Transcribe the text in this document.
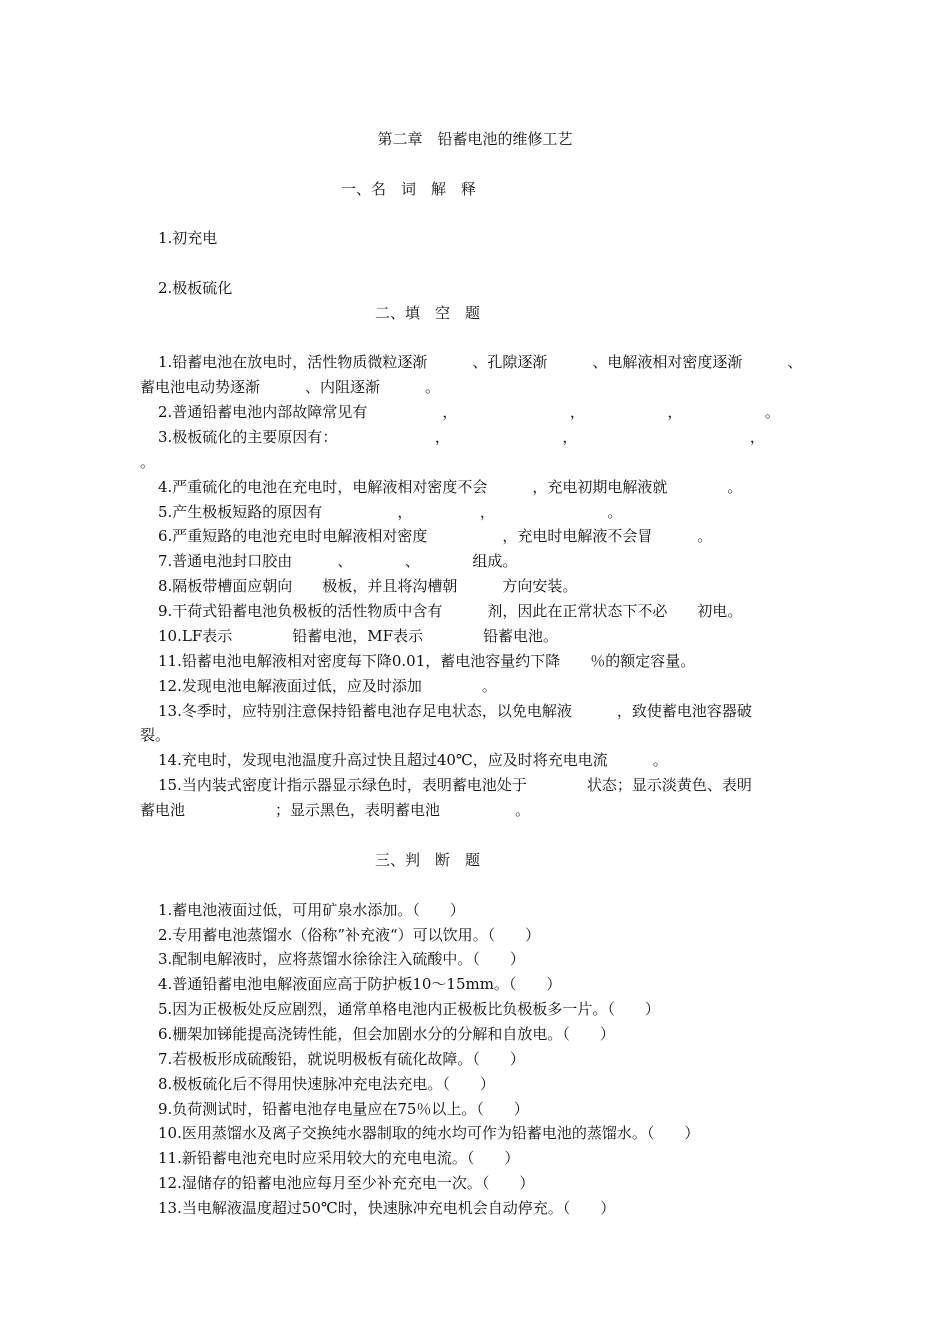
第二章　铅蓄电池的维修工艺
一、名　词　解　释
1.初充电
2.极板硫化
二、填　空　题
1.铅蓄电池在放电时，活性物质微粒逐渐　　　、孔隙逐渐　　　、电解液相对密度逐渐　　　、
蓄电池电动势逐渐　　　、内阻逐渐　　　。
2.普通铅蓄电池内部故障常见有　　　　　，　　　　　　　　，　　　　　　，　　　　　　。
3.极板硫化的主要原因有：　　　　　　　，　　　　　　　　，　　　　　　　　　　　　，
。
4.严重硫化的电池在充电时，电解液相对密度不会　　　，充电初期电解液就　　　　。
5.产生极板短路的原因有　　　　　，　　　　　，　　　　　　　　。
6.严重短路的电池充电时电解液相对密度　　　　　，充电时电解液不会冒　　　。
7.普通电池封口胶由　　　、　　　　、　　　　组成。
8.隔板带槽面应朝向　　极板，并且将沟槽朝　　　方向安装。
9.干荷式铅蓄电池负极板的活性物质中含有　　　剂，因此在正常状态下不必　　初电。
10.LF表示　　　　铅蓄电池，MF表示　　　　铅蓄电池。
11.铅蓄电池电解液相对密度每下降0.01，蓄电池容量约下降　　％的额定容量。
12.发现电池电解液面过低，应及时添加　　　　。
13.冬季时，应特别注意保持铅蓄电池存足电状态，以免电解液　　　，致使蓄电池容器破
裂。
14.充电时，发现电池温度升高过快且超过40℃，应及时将充电电流　　　。
15.当内装式密度计指示器显示绿色时，表明蓄电池处于　　　　状态；显示淡黄色、表明
蓄电池　　　　　　；显示黑色，表明蓄电池　　　　　。
三、判　断　题
1.蓄电池液面过低，可用矿泉水添加。（　　）
2.专用蓄电池蒸馏水（俗称”补充液“）可以饮用。（　　）
3.配制电解液时，应将蒸馏水徐徐注入硫酸中。（　　）
4.普通铅蓄电池电解液面应高于防护板10～15mm。（　　）
5.因为正极板处反应剧烈，通常单格电池内正极板比负极板多一片。（　　）
6.栅架加锑能提高浇铸性能，但会加剧水分的分解和自放电。（　　）
7.若极板形成硫酸铅，就说明极板有硫化故障。（　　）
8.极板硫化后不得用快速脉冲充电法充电。（　　）
9.负荷测试时，铅蓄电池存电量应在75％以上。（　　）
10.医用蒸馏水及离子交换纯水器制取的纯水均可作为铅蓄电池的蒸馏水。（　　）
11.新铅蓄电池充电时应采用较大的充电电流。（　　）
12.湿储存的铅蓄电池应每月至少补充充电一次。（　　）
13.当电解液温度超过50℃时，快速脉冲充电机会自动停充。（　　）
